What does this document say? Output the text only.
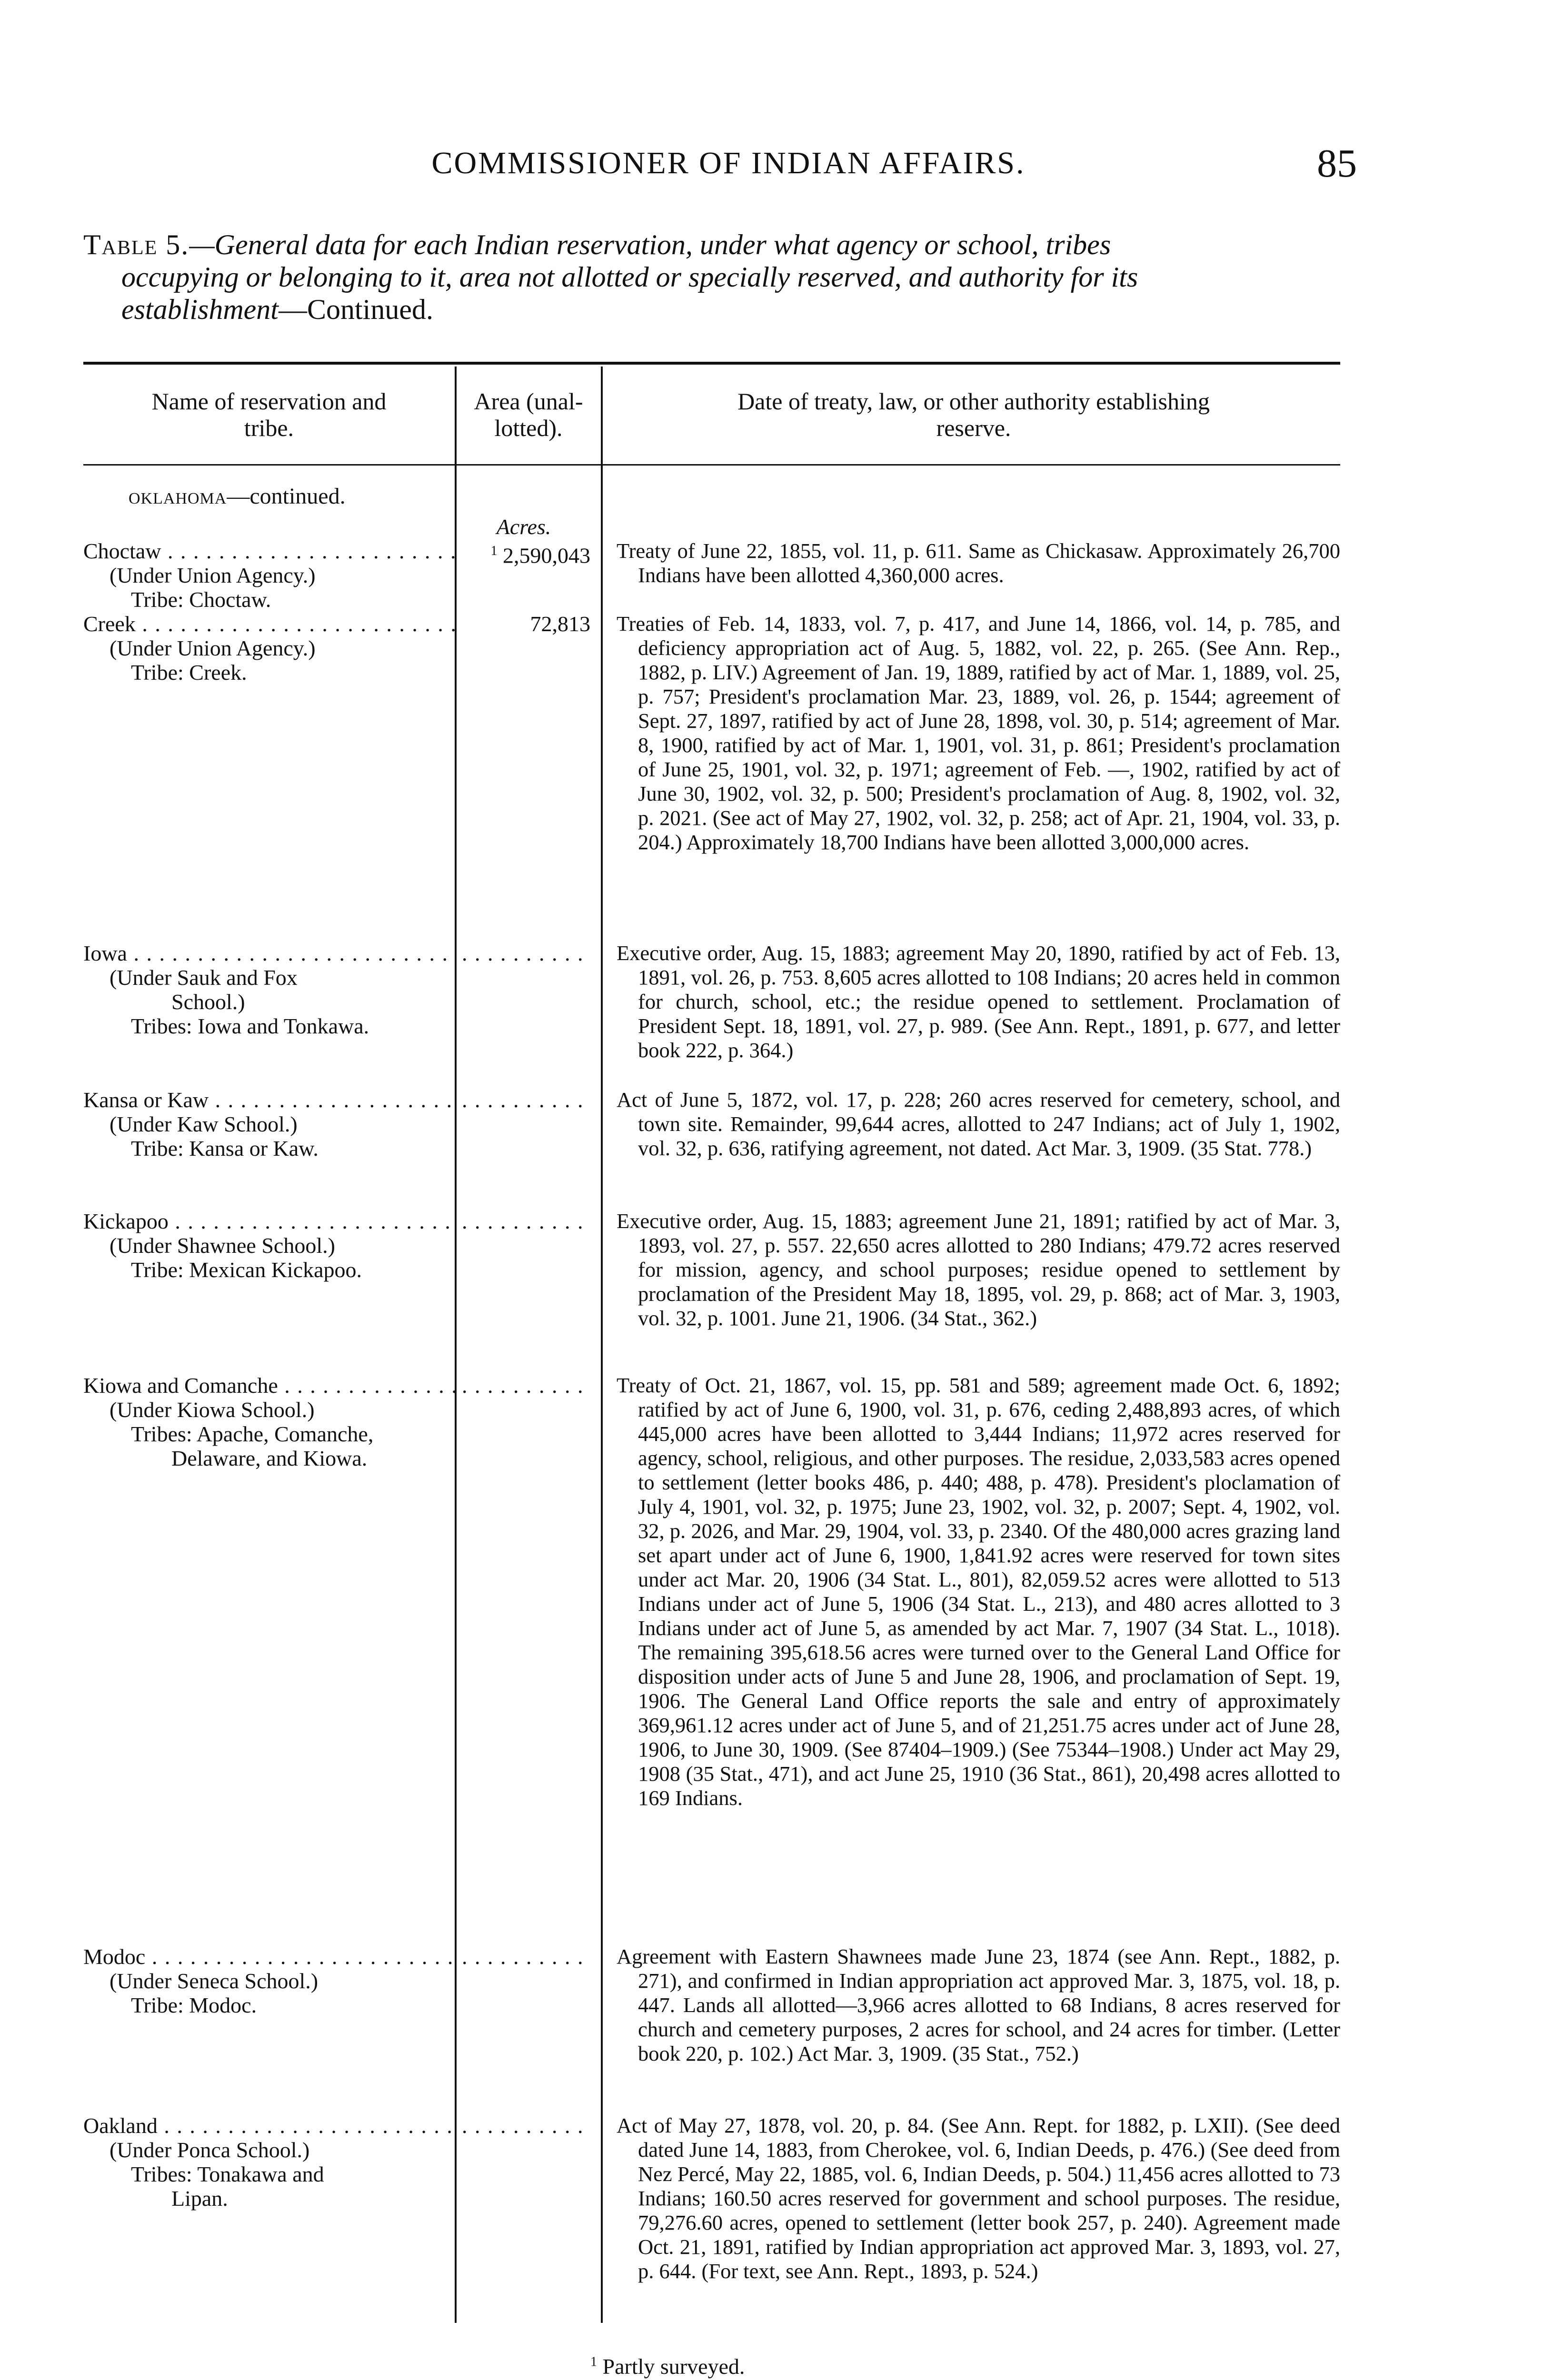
COMMISSIONER OF INDIAN AFFAIRS.	85
Table 5.—General data for each Indian reservation, under what agency or school, tribes
occupying or belonging to it, area not allotted or specially reserved, and authority for its
establishment—Continued.
Name of reservation and
tribe.
Area (unal-
lotted).
Date of treaty, law, or other authority establishing
reserve.
oklahoma—continued.
Acres.
Choctaw . . .
(Under Union Agency.)
Tribe: Choctaw.
$^1$ 2,590,043 Treaty of June 22, 1855, vol. 11, p. 611. Same as Chickasaw. Approximately 26,700 Indians have been allotted 4,360,000 acres.
Creek . . .
(Under Union Agency.)
Tribe: Creek.
72,813 Treaties of Feb. 14, 1833, vol. 7, p. 417, and June 14, 1866, vol. 14, p. 785, and deficiency appropriation act of Aug. 5, 1882, vol. 22, p. 265. (See Ann. Rep., 1882, p. LIV.) Agreement of Jan. 19, 1889, ratified by act of Mar. 1, 1889, vol. 25, p. 757; President's proclamation Mar. 23, 1889, vol. 26, p. 1544; agreement of Sept. 27, 1897, ratified by act of June 28, 1898, vol. 30, p. 514; agreement of Mar. 8, 1900, ratified by act of Mar. 1, 1901, vol. 31, p. 861; President's proclamation of June 25, 1901, vol. 32, p. 1971; agreement of Feb. —, 1902, ratified by act of June 30, 1902, vol. 32, p. 500; President's proclamation of Aug. 8, 1902, vol. 32, p. 2021. (See act of May 27, 1902, vol. 32, p. 258; act of Apr. 21, 1904, vol. 33, p. 204.) Approximately 18,700 Indians have been allotted 3,000,000 acres.
Iowa . . .
(Under Sauk and Fox
School.)
Tribes: Iowa and Tonkawa.
. . .
Executive order, Aug. 15, 1883; agreement May 20, 1890, ratified by act of Feb. 13, 1891, vol. 26, p. 753. 8,605 acres allotted to 108 Indians; 20 acres held in common for church, school, etc.; the residue opened to settlement. Proclamation of President Sept. 18, 1891, vol. 27, p. 989. (See Ann. Rept., 1891, p. 677, and letter book 222, p. 364.)
Kansa or Kaw . . .
(Under Kaw School.)
Tribe: Kansa or Kaw.
. . .
Act of June 5, 1872, vol. 17, p. 228; 260 acres reserved for cemetery, school, and town site. Remainder, 99,644 acres, allotted to 247 Indians; act of July 1, 1902, vol. 32, p. 636, ratifying agreement, not dated. Act Mar. 3, 1909. (35 Stat. 778.)
Kickapoo . . .
(Under Shawnee School.)
Tribe: Mexican Kickapoo.
. . .
Executive order, Aug. 15, 1883; agreement June 21, 1891; ratified by act of Mar. 3, 1893, vol. 27, p. 557. 22,650 acres allotted to 280 Indians; 479.72 acres reserved for mission, agency, and school purposes; residue opened to settlement by proclamation of the President May 18, 1895, vol. 29, p. 868; act of Mar. 3, 1903, vol. 32, p. 1001. June 21, 1906. (34 Stat., 362.)
Kiowa and Comanche . . .
(Under Kiowa School.)
Tribes: Apache, Comanche,
Delaware, and Kiowa.
. . .
Treaty of Oct. 21, 1867, vol. 15, pp. 581 and 589; agreement made Oct. 6, 1892; ratified by act of June 6, 1900, vol. 31, p. 676, ceding 2,488,893 acres, of which 445,000 acres have been allotted to 3,444 Indians; 11,972 acres reserved for agency, school, religious, and other purposes. The residue, 2,033,583 acres opened to settlement (letter books 486, p. 440; 488, p. 478). President's ploclamation of July 4, 1901, vol. 32, p. 1975; June 23, 1902, vol. 32, p. 2007; Sept. 4, 1902, vol. 32, p. 2026, and Mar. 29, 1904, vol. 33, p. 2340. Of the 480,000 acres grazing land set apart under act of June 6, 1900, 1,841.92 acres were reserved for town sites under act Mar. 20, 1906 (34 Stat. L., 801), 82,059.52 acres were allotted to 513 Indians under act of June 5, 1906 (34 Stat. L., 213), and 480 acres allotted to 3 Indians under act of June 5, as amended by act Mar. 7, 1907 (34 Stat. L., 1018). The remaining 395,618.56 acres were turned over to the General Land Office for disposition under acts of June 5 and June 28, 1906, and proclamation of Sept. 19, 1906. The General Land Office reports the sale and entry of approximately 369,961.12 acres under act of June 5, and of 21,251.75 acres under act of June 28, 1906, to June 30, 1909. (See 87404–1909.) (See 75344–1908.) Under act May 29, 1908 (35 Stat., 471), and act June 25, 1910 (36 Stat., 861), 20,498 acres allotted to 169 Indians.
Modoc . . .
(Under Seneca School.)
Tribe: Modoc.
. . .
Agreement with Eastern Shawnees made June 23, 1874 (see Ann. Rept., 1882, p. 271), and confirmed in Indian appropriation act approved Mar. 3, 1875, vol. 18, p. 447. Lands all allotted—3,966 acres allotted to 68 Indians, 8 acres reserved for church and cemetery purposes, 2 acres for school, and 24 acres for timber. (Letter book 220, p. 102.) Act Mar. 3, 1909. (35 Stat., 752.)
Oakland . . .
(Under Ponca School.)
Tribes: Tonakawa and
Lipan.
. . .
Act of May 27, 1878, vol. 20, p. 84. (See Ann. Rept. for 1882, p. LXII). (See deed dated June 14, 1883, from Cherokee, vol. 6, Indian Deeds, p. 476.) (See deed from Nez Percé, May 22, 1885, vol. 6, Indian Deeds, p. 504.) 11,456 acres allotted to 73 Indians; 160.50 acres reserved for government and school purposes. The residue, 79,276.60 acres, opened to settlement (letter book 257, p. 240). Agreement made Oct. 21, 1891, ratified by Indian appropriation act approved Mar. 3, 1893, vol. 27, p. 644. (For text, see Ann. Rept., 1893, p. 524.)
$^1$ Partly surveyed.
